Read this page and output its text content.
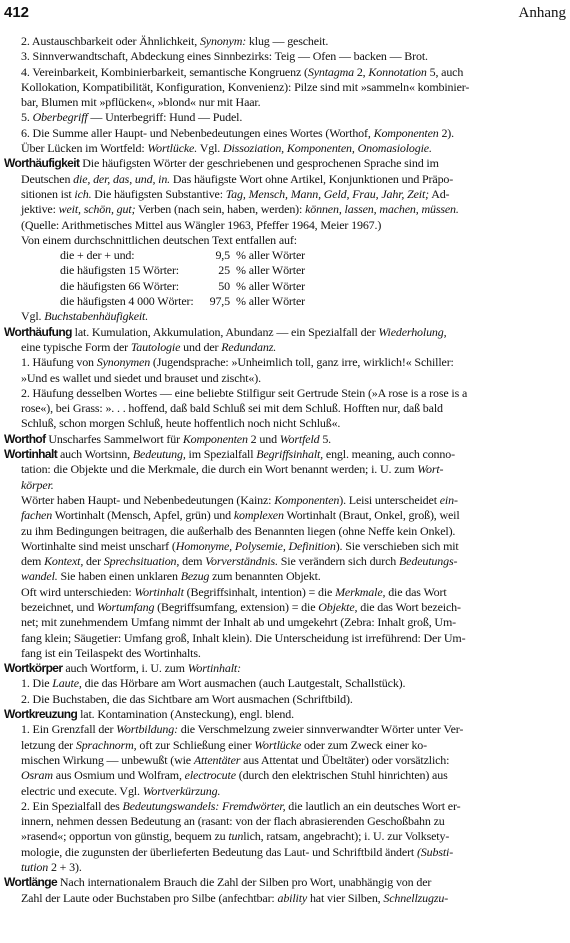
412	Anhang
2. Austauschbarkeit oder Ähnlichkeit, Synonym: klug — gescheit.
3. Sinnverwandtschaft, Abdeckung eines Sinnbezirks: Teig — Ofen — backen — Brot.
4. Vereinbarkeit, Kombinierbarkeit, semantische Kongruenz (Syntagma 2, Konnotation 5, auch
Kollokation, Kompatibilität, Konfiguration, Konvenienz): Pilze sind mit »sammeln« kombinier-
bar, Blumen mit »pflücken«, »blond« nur mit Haar.
5. Oberbegriff — Unterbegriff: Hund — Pudel.
6. Die Summe aller Haupt- und Nebenbedeutungen eines Wortes (Worthof, Komponenten 2).
Über Lücken im Wortfeld: Wortlücke. Vgl. Dissoziation, Komponenten, Onomasiologie.
Worthäufigkeit Die häufigsten Wörter der geschriebenen und gesprochenen Sprache sind im
Deutschen die, der, das, und, in. Das häufigste Wort ohne Artikel, Konjunktionen und Präpo-
sitionen ist ich. Die häufigsten Substantive: Tag, Mensch, Mann, Geld, Frau, Jahr, Zeit; Ad-
jektive: weit, schön, gut; Verben (nach sein, haben, werden): können, lassen, machen, müssen.
(Quelle: Arithmetisches Mittel aus Wängler 1963, Pfeffer 1964, Meier 1967.)
Von einem durchschnittlichen deutschen Text entfallen auf:
die + der + und:	9,5 % aller Wörter
die häufigsten 15 Wörter:	25 % aller Wörter
die häufigsten 66 Wörter:	50 % aller Wörter
die häufigsten 4 000 Wörter:	97,5 % aller Wörter
Vgl. Buchstabenhäufigkeit.
Worthäufung lat. Kumulation, Akkumulation, Abundanz — ein Spezialfall der Wiederholung,
eine typische Form der Tautologie und der Redundanz.
1. Häufung von Synonymen (Jugendsprache: »Unheimlich toll, ganz irre, wirklich!« Schiller:
»Und es wallet und siedet und brauset und zischt«).
2. Häufung desselben Wortes — eine beliebte Stilfigur seit Gertrude Stein (»A rose is a rose is a
rose«), bei Grass: ». . . hoffend, daß bald Schluß sei mit dem Schluß. Hofften nur, daß bald
Schluß, schon morgen Schluß, heute hoffentlich noch nicht Schluß«.
Worthof Unscharfes Sammelwort für Komponenten 2 und Wortfeld 5.
Wortinhalt auch Wortsinn, Bedeutung, im Spezialfall Begriffsinhalt, engl. meaning, auch conno-
tation: die Objekte und die Merkmale, die durch ein Wort benannt werden; i. U. zum Wort-
körper.
Wörter haben Haupt- und Nebenbedeutungen (Kainz: Komponenten). Leisi unterscheidet ein-
fachen Wortinhalt (Mensch, Apfel, grün) und komplexen Wortinhalt (Braut, Onkel, groß), weil
zu ihm Bedingungen beitragen, die außerhalb des Benannten liegen (ohne Neffe kein Onkel).
Wortinhalte sind meist unscharf (Homonyme, Polysemie, Definition). Sie verschieben sich mit
dem Kontext, der Sprechsituation, dem Vorverständnis. Sie verändern sich durch Bedeutungs-
wandel. Sie haben einen unklaren Bezug zum benannten Objekt.
Oft wird unterschieden: Wortinhalt (Begriffsinhalt, intention) = die Merkmale, die das Wort
bezeichnet, und Wortumfang (Begriffsumfang, extension) = die Objekte, die das Wort bezeich-
net; mit zunehmendem Umfang nimmt der Inhalt ab und umgekehrt (Zebra: Inhalt groß, Um-
fang klein; Säugetier: Umfang groß, Inhalt klein). Die Unterscheidung ist irreführend: Der Um-
fang ist ein Teilaspekt des Wortinhalts.
Wortkörper auch Wortform, i. U. zum Wortinhalt:
1. Die Laute, die das Hörbare am Wort ausmachen (auch Lautgestalt, Schallstück).
2. Die Buchstaben, die das Sichtbare am Wort ausmachen (Schriftbild).
Wortkreuzung lat. Kontamination (Ansteckung), engl. blend.
1. Ein Grenzfall der Wortbildung: die Verschmelzung zweier sinnverwandter Wörter unter Ver-
letzung der Sprachnorm, oft zur Schließung einer Wortlücke oder zum Zweck einer ko-
mischen Wirkung — unbewußt (wie Attentäter aus Attentat und Übeltäter) oder vorsätzlich:
Osram aus Osmium und Wolfram, electrocute (durch den elektrischen Stuhl hinrichten) aus
electric und execute. Vgl. Wortverkürzung.
2. Ein Spezialfall des Bedeutungswandels: Fremdwörter, die lautlich an ein deutsches Wort er-
innern, nehmen dessen Bedeutung an (rasant: von der flach abrasierenden Geschoßbahn zu
»rasend«; opportun von günstig, bequem zu tunlich, ratsam, angebracht); i. U. zur Volksety-
mologie, die zugunsten der überlieferten Bedeutung das Laut- und Schriftbild ändert (Substi-
tution 2 + 3).
Wortlänge Nach internationalem Brauch die Zahl der Silben pro Wort, unabhängig von der
Zahl der Laute oder Buchstaben pro Silbe (anfechtbar: ability hat vier Silben, Schnellzugzu-
